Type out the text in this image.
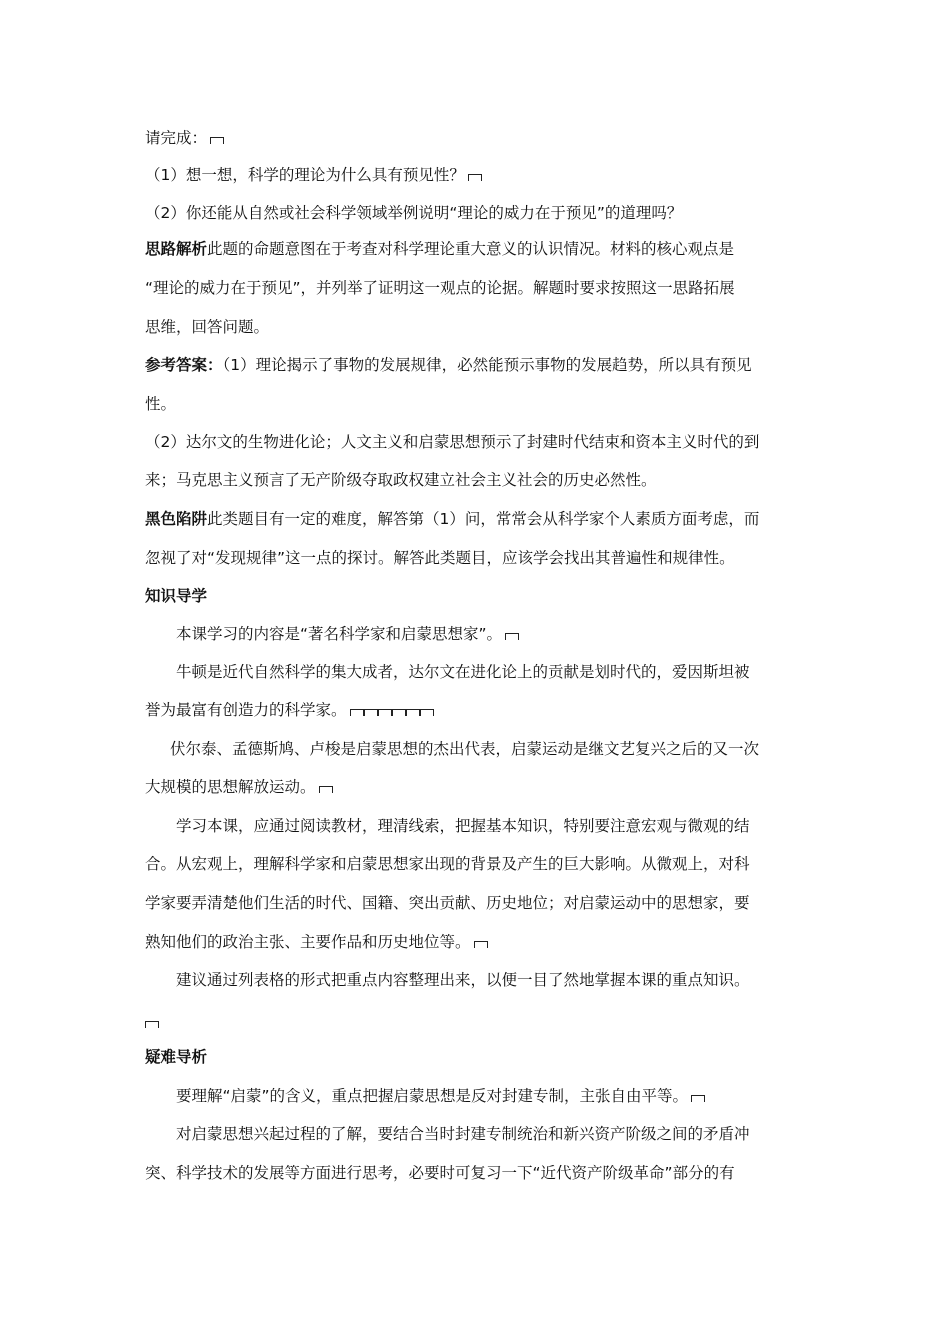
请完成：
（1）想一想，科学的理论为什么具有预见性？
（2）你还能从自然或社会科学领域举例说明“理论的威力在于预见”的道理吗？
思路解析此题的命题意图在于考查对科学理论重大意义的认识情况。材料的核心观点是
“理论的威力在于预见”，并列举了证明这一观点的论据。解题时要求按照这一思路拓展
思维，回答问题。
参考答案：（1）理论揭示了事物的发展规律，必然能预示事物的发展趋势，所以具有预见
性。
（2）达尔文的生物进化论；人文主义和启蒙思想预示了封建时代结束和资本主义时代的到
来；马克思主义预言了无产阶级夺取政权建立社会主义社会的历史必然性。
黑色陷阱此类题目有一定的难度，解答第（1）问，常常会从科学家个人素质方面考虑，而
忽视了对“发现规律”这一点的探讨。解答此类题目，应该学会找出其普遍性和规律性。
知识导学
本课学习的内容是“著名科学家和启蒙思想家”。
牛顿是近代自然科学的集大成者，达尔文在进化论上的贡献是划时代的，爱因斯坦被
誉为最富有创造力的科学家。
伏尔泰、孟德斯鸠、卢梭是启蒙思想的杰出代表，启蒙运动是继文艺复兴之后的又一次
大规模的思想解放运动。
学习本课，应通过阅读教材，理清线索，把握基本知识，特别要注意宏观与微观的结
合。从宏观上，理解科学家和启蒙思想家出现的背景及产生的巨大影响。从微观上，对科
学家要弄清楚他们生活的时代、国籍、突出贡献、历史地位；对启蒙运动中的思想家，要
熟知他们的政治主张、主要作品和历史地位等。
建议通过列表格的形式把重点内容整理出来，以便一目了然地掌握本课的重点知识。
疑难导析
要理解“启蒙”的含义，重点把握启蒙思想是反对封建专制，主张自由平等。
对启蒙思想兴起过程的了解，要结合当时封建专制统治和新兴资产阶级之间的矛盾冲
突、科学技术的发展等方面进行思考，必要时可复习一下“近代资产阶级革命”部分的有
